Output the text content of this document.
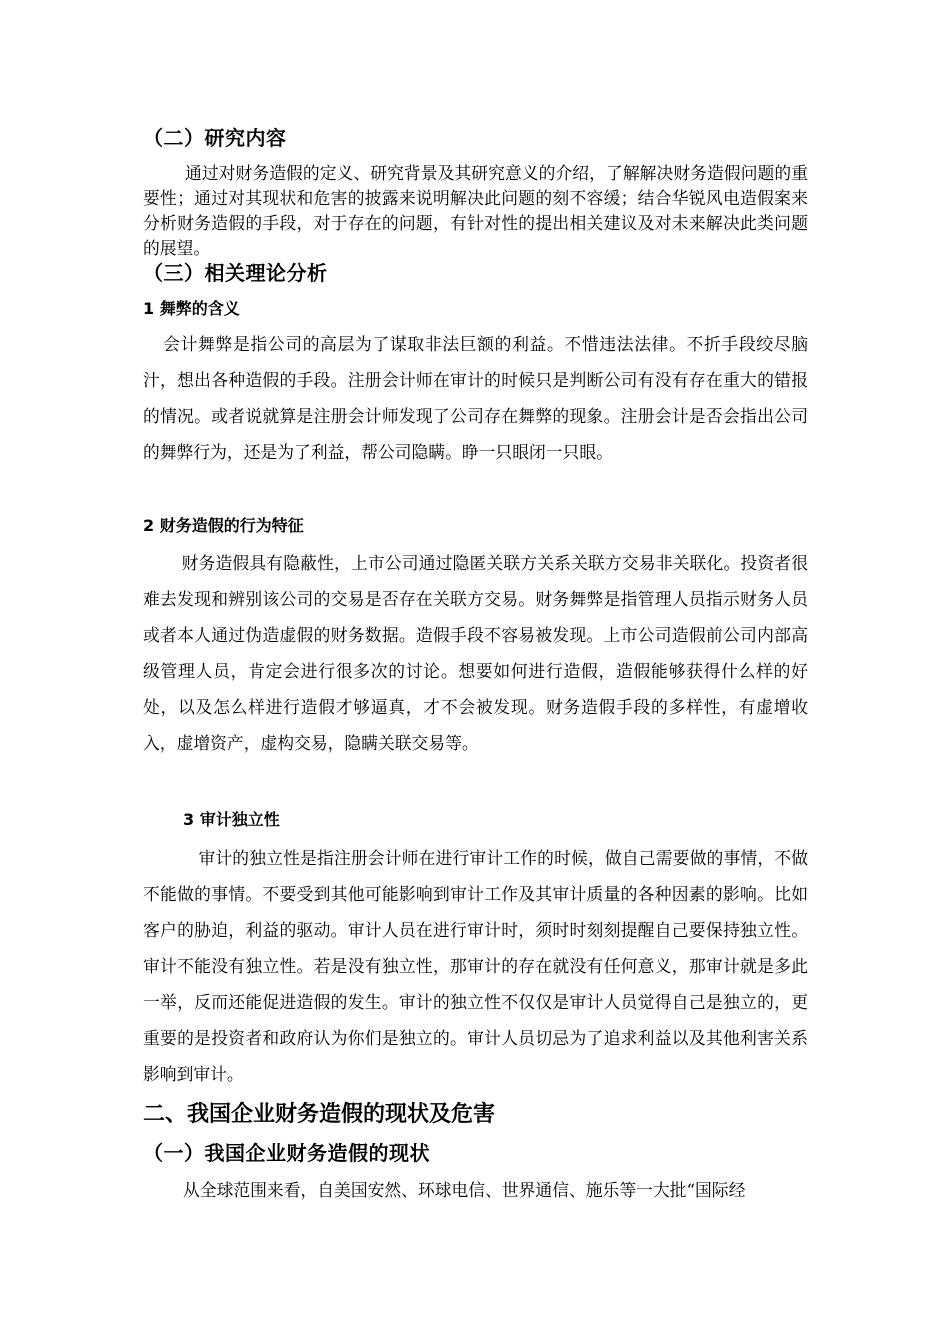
（二）研究内容

通过对财务造假的定义、研究背景及其研究意义的介绍，了解解决财务造假问题的重要性；通过对其现状和危害的披露来说明解决此问题的刻不容缓；结合华锐风电造假案来分析财务造假的手段，对于存在的问题，有针对性的提出相关建议及对未来解决此类问题的展望。

（三）相关理论分析
1 舞弊的含义

会计舞弊是指公司的高层为了谋取非法巨额的利益。不惜违法法律。不折手段绞尽脑汁，想出各种造假的手段。注册会计师在审计的时候只是判断公司有没有存在重大的错报的情况。或者说就算是注册会计师发现了公司存在舞弊的现象。注册会计是否会指出公司的舞弊行为，还是为了利益，帮公司隐瞒。睁一只眼闭一只眼。

2 财务造假的行为特征

财务造假具有隐蔽性，上市公司通过隐匿关联方关系关联方交易非关联化。投资者很难去发现和辨别该公司的交易是否存在关联方交易。财务舞弊是指管理人员指示财务人员或者本人通过伪造虚假的财务数据。造假手段不容易被发现。上市公司造假前公司内部高级管理人员，肯定会进行很多次的讨论。想要如何进行造假，造假能够获得什么样的好处，以及怎么样进行造假才够逼真，才不会被发现。财务造假手段的多样性，有虚增收入，虚增资产，虚构交易，隐瞒关联交易等。

3 审计独立性

审计的独立性是指注册会计师在进行审计工作的时候，做自己需要做的事情，不做不能做的事情。不要受到其他可能影响到审计工作及其审计质量的各种因素的影响。比如客户的胁迫，利益的驱动。审计人员在进行审计时，须时时刻刻提醒自己要保持独立性。审计不能没有独立性。若是没有独立性，那审计的存在就没有任何意义，那审计就是多此一举，反而还能促进造假的发生。审计的独立性不仅仅是审计人员觉得自己是独立的，更重要的是投资者和政府认为你们是独立的。审计人员切忌为了追求利益以及其他利害关系影响到审计。

二、我国企业财务造假的现状及危害
（一）我国企业财务造假的现状
从全球范围来看，自美国安然、环球电信、世界通信、施乐等一大批“国际经
